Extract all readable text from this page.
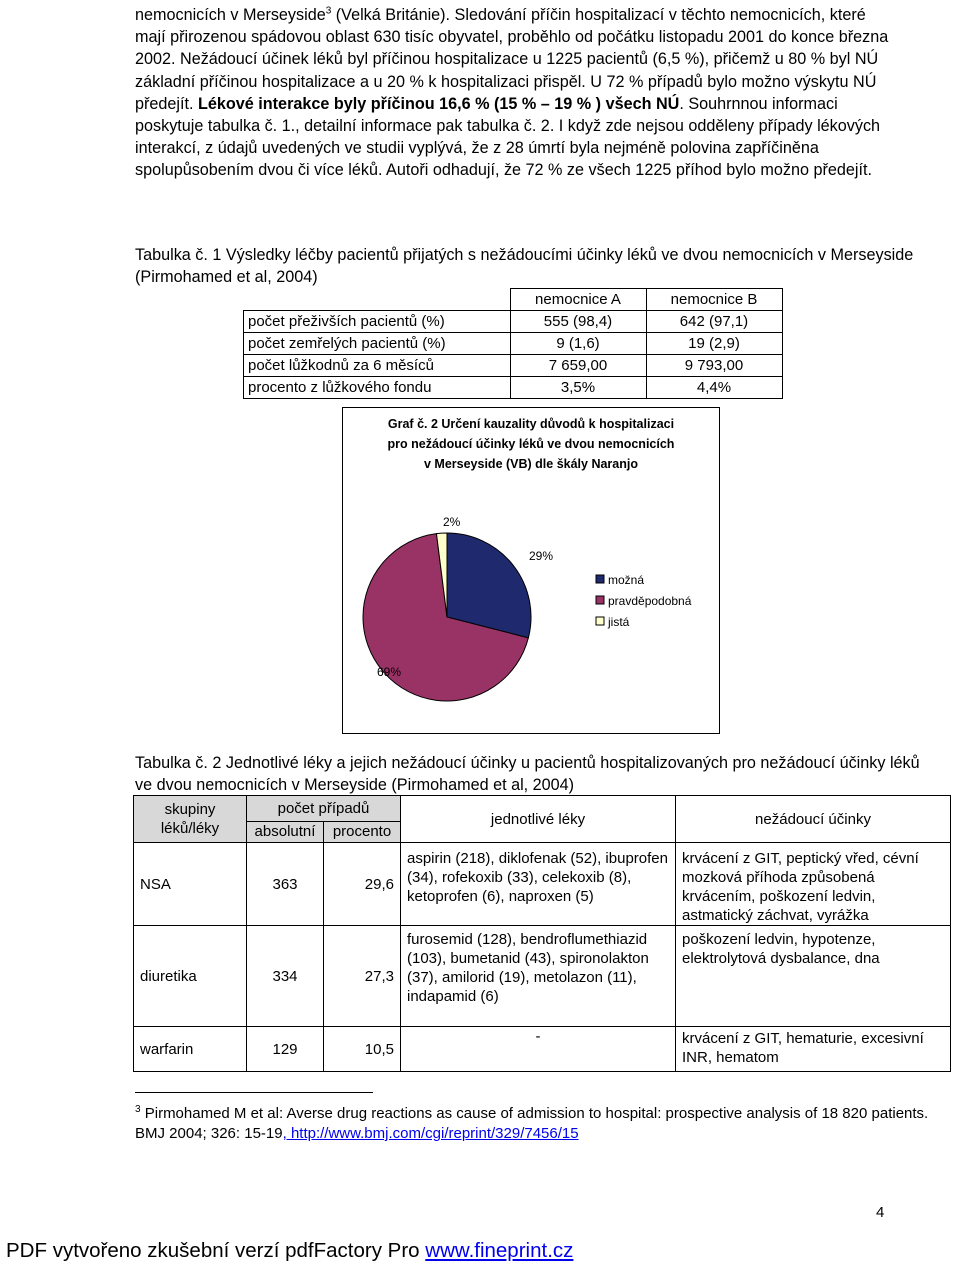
nemocnicích v Merseyside$^3$ (Velká Británie). Sledování příčin hospitalizací v těchto nemocnicích, které mají přirozenou spádovou oblast 630 tisíc obyvatel, proběhlo od počátku listopadu 2001 do konce března 2002. Nežádoucí účinek léků byl příčinou hospitalizace u 1225 pacientů (6,5 %), přičemž u 80 % byl NÚ základní příčinou hospitalizace a u 20 % k hospitalizaci přispěl. U 72 % případů bylo možno výskytu NÚ předejít. Lékové interakce byly příčinou 16,6 % (15 % – 19 % ) všech NÚ. Souhrnnou informaci poskytuje tabulka č. 1., detailní informace pak tabulka č. 2. I když zde nejsou odděleny případy lékových interakcí, z údajů uvedených ve studii vyplývá, že z 28 úmrtí byla nejméně polovina zapříčiněna spolupůsobením dvou či více léků. Autoři odhadují, že 72 % ze všech 1225 příhod bylo možno předejít.

Tabulka č. 1 Výsledky léčby pacientů přijatých s nežádoucími účinky léků ve dvou nemocnicích v Merseyside (Pirmohamed et al, 2004)
	nemocnice A	nemocnice B
počet přeživších pacientů (%)	555 (98,4)	642 (97,1)
počet zemřelých pacientů (%)	9 (1,6)	19 (2,9)
počet lůžkodnů za 6 měsíců	7 659,00	9 793,00
procento z lůžkového fondu	3,5%	4,4%
Graf č. 2 Určení kauzality důvodů k hospitalizaci
pro nežádoucí účinky léků ve dvou nemocnicích
v Merseyside (VB) dle škály Naranjo
29%
69%
2%
možná
pravděpodobná
jistá
Tabulka č. 2 Jednotlivé léky a jejich nežádoucí účinky u pacientů hospitalizovaných pro nežádoucí účinky léků ve dvou nemocnicích v Merseyside (Pirmohamed et al, 2004)
skupiny léků/léky	počet případů		jednotlivé léky	nežádoucí účinky
	absolutní	procento		
NSA	363	29,6	aspirin (218), diklofenak (52), ibuprofen (34), rofekoxib (33), celekoxib (8), ketoprofen (6), naproxen (5)	krvácení z GIT, peptický vřed, cévní mozková příhoda způsobená krvácením, poškození ledvin, astmatický záchvat, vyrážka
diuretika	334	27,3	furosemid (128), bendroflumethiazid (103), bumetanid (43), spironolakton (37), amilorid (19), metolazon (11), indapamid (6)	poškození ledvin, hypotenze, elektrolytová dysbalance, dna
warfarin	129	10,5	-	krvácení z GIT, hematurie, excesivní INR, hematom
$^3$ Pirmohamed M et al: Averse drug reactions as cause of admission to hospital: prospective analysis of 18 820 patients. BMJ 2004; 326: 15-19, http://www.bmj.com/cgi/reprint/329/7456/15
4
PDF vytvořeno zkušební verzí pdfFactory Pro www.fineprint.cz
